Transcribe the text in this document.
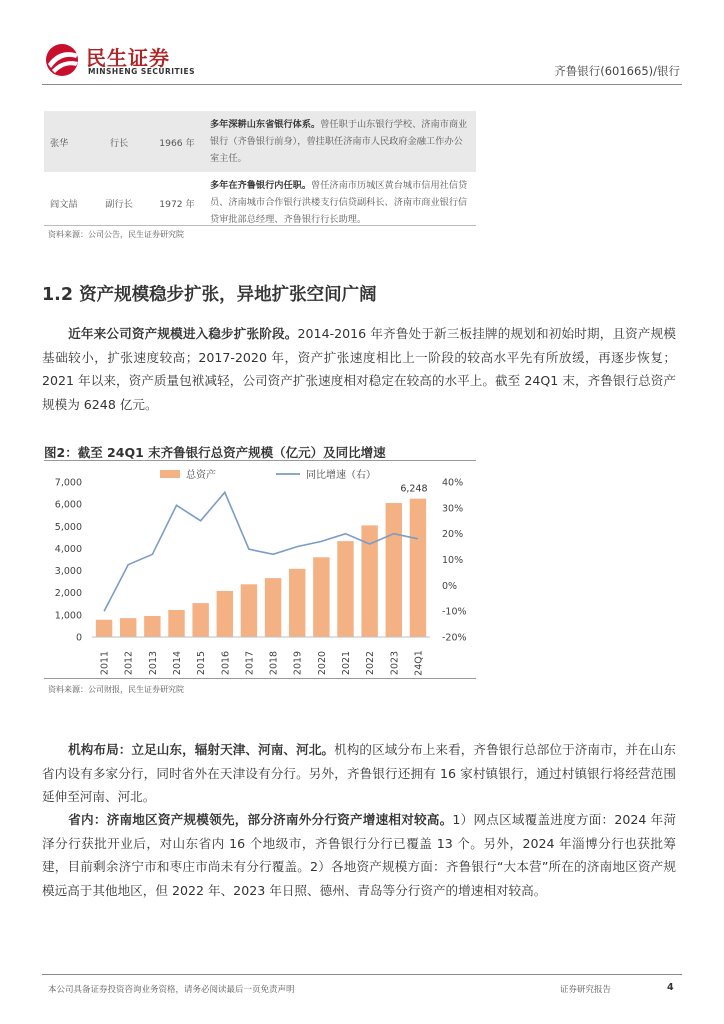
民生证券
MINSHENG SECURITIES	齐鲁银行(601665)/银行
张华	行长	1966 年	多年深耕山东省银行体系。曾任职于山东银行学校、济南市商业银行（齐鲁银行前身），曾挂职任济南市人民政府金融工作办公室主任。
阎文喆	副行长	1972 年	多年在齐鲁银行内任职。曾任济南市历城区黄台城市信用社信贷员、济南城市合作银行洪楼支行信贷副科长、济南市商业银行信贷审批部总经理、齐鲁银行行长助理。
资料来源：公司公告，民生证券研究院
1.2 资产规模稳步扩张，异地扩张空间广阔
近年来公司资产规模进入稳步扩张阶段。2014-2016 年齐鲁处于新三板挂牌的规划和初始时期，且资产规模基础较小，扩张速度较高；2017-2020 年，资产扩张速度相比上一阶段的较高水平先有所放缓，再逐步恢复；2021 年以来，资产质量包袱减轻，公司资产扩张速度相对稳定在较高的水平上。截至 24Q1 末，齐鲁银行总资产规模为 6248 亿元。
图2：截至 24Q1 末齐鲁银行总资产规模（亿元）及同比增速
0
1,000
2,000
3,000
4,000
5,000
6,000
7,000
-20%
-10%
0%
10%
20%
30%
40%
6,248
2011 2012 2013 2014 2015 2016 2017 2018 2019 2020 2021 2022 2023 24Q1
总资产	同比增速（右）
资料来源：公司财报，民生证券研究院
机构布局：立足山东，辐射天津、河南、河北。机构的区域分布上来看，齐鲁银行总部位于济南市，并在山东省内设有多家分行，同时省外在天津设有分行。另外，齐鲁银行还拥有 16 家村镇银行，通过村镇银行将经营范围延伸至河南、河北。
省内：济南地区资产规模领先，部分济南外分行资产增速相对较高。1）网点区域覆盖进度方面：2024 年菏泽分行获批开业后，对山东省内 16 个地级市，齐鲁银行分行已覆盖 13 个。另外，2024 年淄博分行也获批筹建，目前剩余济宁市和枣庄市尚未有分行覆盖。2）各地资产规模方面：齐鲁银行“大本营”所在的济南地区资产规模远高于其他地区，但 2022 年、2023 年日照、德州、青岛等分行资产的增速相对较高。
本公司具备证券投资咨询业务资格，请务必阅读最后一页免责声明	证券研究报告	4
